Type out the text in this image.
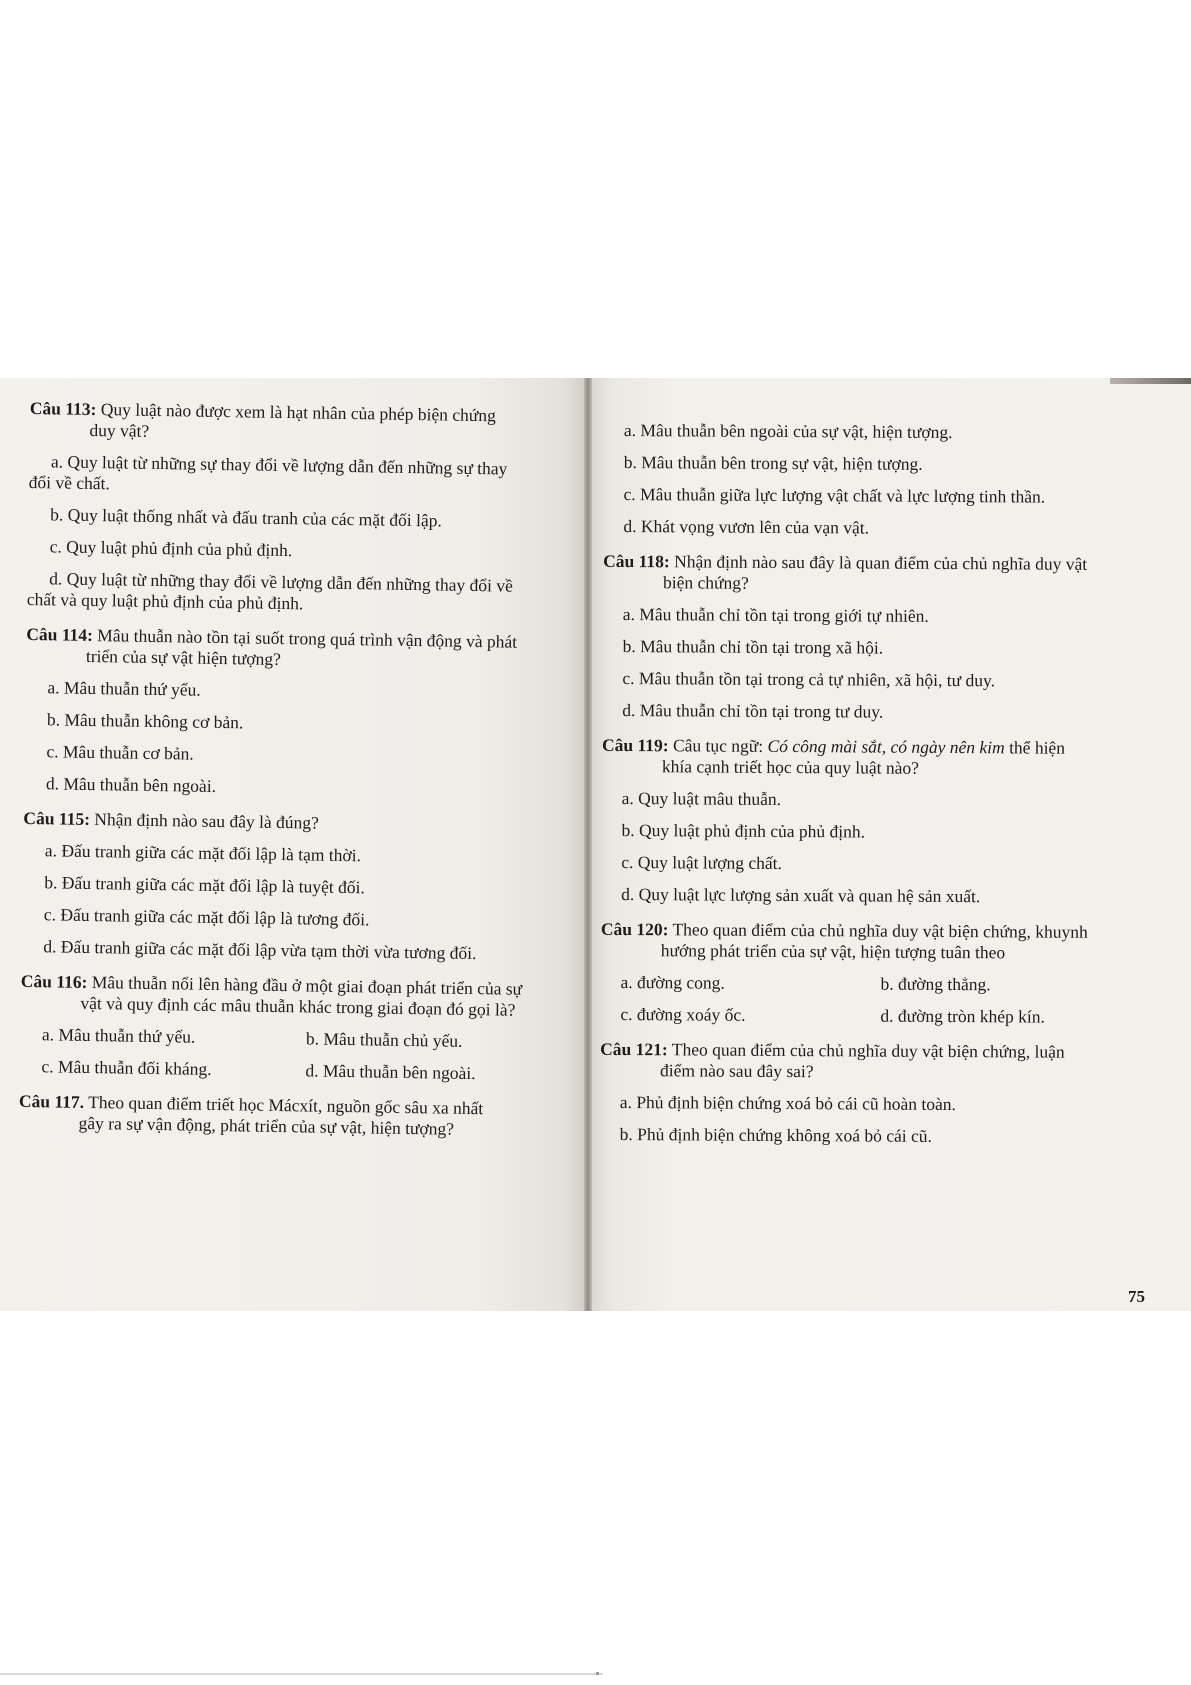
Câu 113: Quy luật nào được xem là hạt nhân của phép biện chứng
duy vật?

a. Quy luật từ những sự thay đổi về lượng dẫn đến những sự thay

đổi về chất.

b. Quy luật thống nhất và đấu tranh của các mặt đối lập.

c. Quy luật phủ định của phủ định.

d. Quy luật từ những thay đổi về lượng dẫn đến những thay đổi về

chất và quy luật phủ định của phủ định.

Câu 114: Mâu thuẫn nào tồn tại suốt trong quá trình vận động và phát
triển của sự vật hiện tượng?

a. Mâu thuẫn thứ yếu.

b. Mâu thuẫn không cơ bản.

c. Mâu thuẫn cơ bản.

d. Mâu thuẫn bên ngoài.

Câu 115: Nhận định nào sau đây là đúng?

a. Đấu tranh giữa các mặt đối lập là tạm thời.

b. Đấu tranh giữa các mặt đối lập là tuyệt đối.

c. Đấu tranh giữa các mặt đối lập là tương đối.

d. Đấu tranh giữa các mặt đối lập vừa tạm thời vừa tương đối.

Câu 116: Mâu thuẫn nổi lên hàng đầu ở một giai đoạn phát triển của sự
vật và quy định các mâu thuẫn khác trong giai đoạn đó gọi là?

a. Mâu thuẫn thứ yếu.	b. Mâu thuẫn chủ yếu.
c. Mâu thuẫn đối kháng.	d. Mâu thuẫn bên ngoài.

Câu 117. Theo quan điểm triết học Mácxít, nguồn gốc sâu xa nhất
gây ra sự vận động, phát triển của sự vật, hiện tượng?

a. Mâu thuẫn bên ngoài của sự vật, hiện tượng.

b. Mâu thuẫn bên trong sự vật, hiện tượng.

c. Mâu thuẫn giữa lực lượng vật chất và lực lượng tinh thần.

d. Khát vọng vươn lên của vạn vật.

Câu 118: Nhận định nào sau đây là quan điểm của chủ nghĩa duy vật
biện chứng?

a. Mâu thuẫn chỉ tồn tại trong giới tự nhiên.

b. Mâu thuẫn chỉ tồn tại trong xã hội.

c. Mâu thuẫn tồn tại trong cả tự nhiên, xã hội, tư duy.

d. Mâu thuẫn chỉ tồn tại trong tư duy.

Câu 119: Câu tục ngữ: Có công mài sắt, có ngày nên kim thể hiện
khía cạnh triết học của quy luật nào?

a. Quy luật mâu thuẫn.

b. Quy luật phủ định của phủ định.

c. Quy luật lượng chất.

d. Quy luật lực lượng sản xuất và quan hệ sản xuất.

Câu 120: Theo quan điểm của chủ nghĩa duy vật biện chứng, khuynh
hướng phát triển của sự vật, hiện tượng tuân theo

a. đường cong.	b. đường thẳng.
c. đường xoáy ốc.	d. đường tròn khép kín.

Câu 121: Theo quan điểm của chủ nghĩa duy vật biện chứng, luận
điểm nào sau đây sai?

a. Phủ định biện chứng xoá bỏ cái cũ hoàn toàn.

b. Phủ định biện chứng không xoá bỏ cái cũ.

75
